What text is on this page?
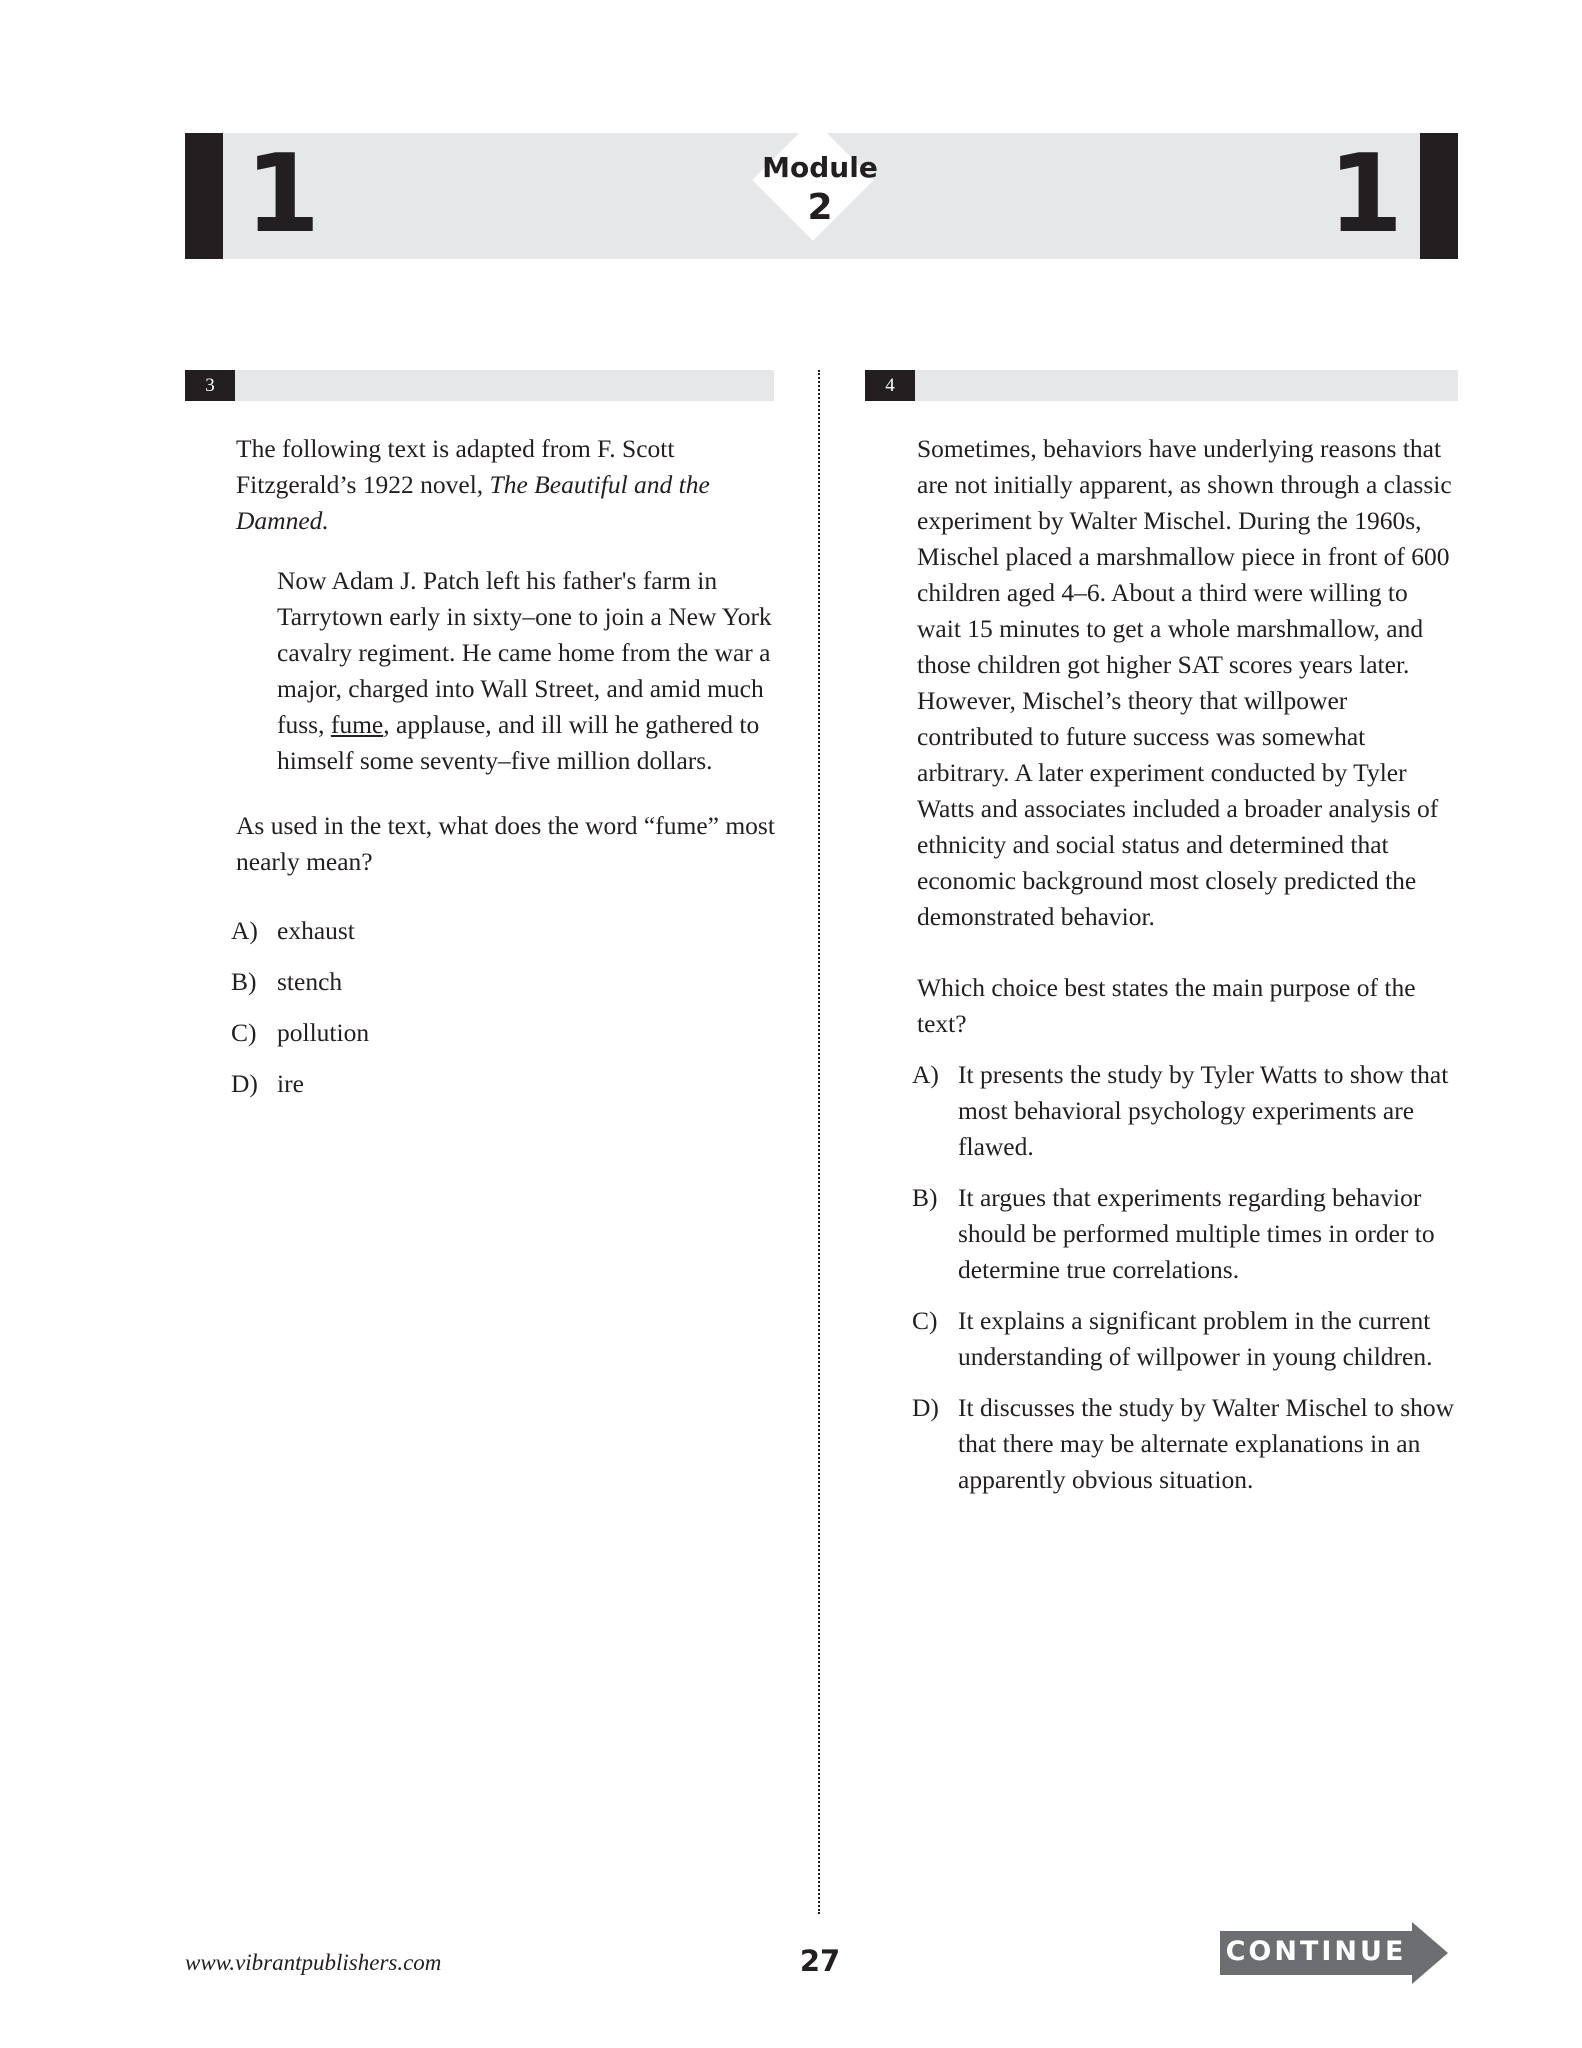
1	1
Module
2
3	4

The following text is adapted from F. Scott Fitzgerald’s 1922 novel, The Beautiful and the Damned.

Now Adam J. Patch left his father's farm in Tarrytown early in sixty–one to join a New York cavalry regiment. He came home from the war a major, charged into Wall Street, and amid much fuss, fume, applause, and ill will he gathered to himself some seventy–five million dollars.

As used in the text, what does the word “fume” most nearly mean?

A) exhaust
B) stench
C) pollution
D) ire

Sometimes, behaviors have underlying reasons that are not initially apparent, as shown through a classic experiment by Walter Mischel. During the 1960s, Mischel placed a marshmallow piece in front of 600 children aged 4–6. About a third were willing to wait 15 minutes to get a whole marshmallow, and those children got higher SAT scores years later. However, Mischel’s theory that willpower contributed to future success was somewhat arbitrary. A later experiment conducted by Tyler Watts and associates included a broader analysis of ethnicity and social status and determined that economic background most closely predicted the demonstrated behavior.

Which choice best states the main purpose of the text?

A) It presents the study by Tyler Watts to show that most behavioral psychology experiments are flawed.
B) It argues that experiments regarding behavior should be performed multiple times in order to determine true correlations.
C) It explains a significant problem in the current understanding of willpower in young children.
D) It discusses the study by Walter Mischel to show that there may be alternate explanations in an apparently obvious situation.
www.vibrantpublishers.com	27	CONTINUE
